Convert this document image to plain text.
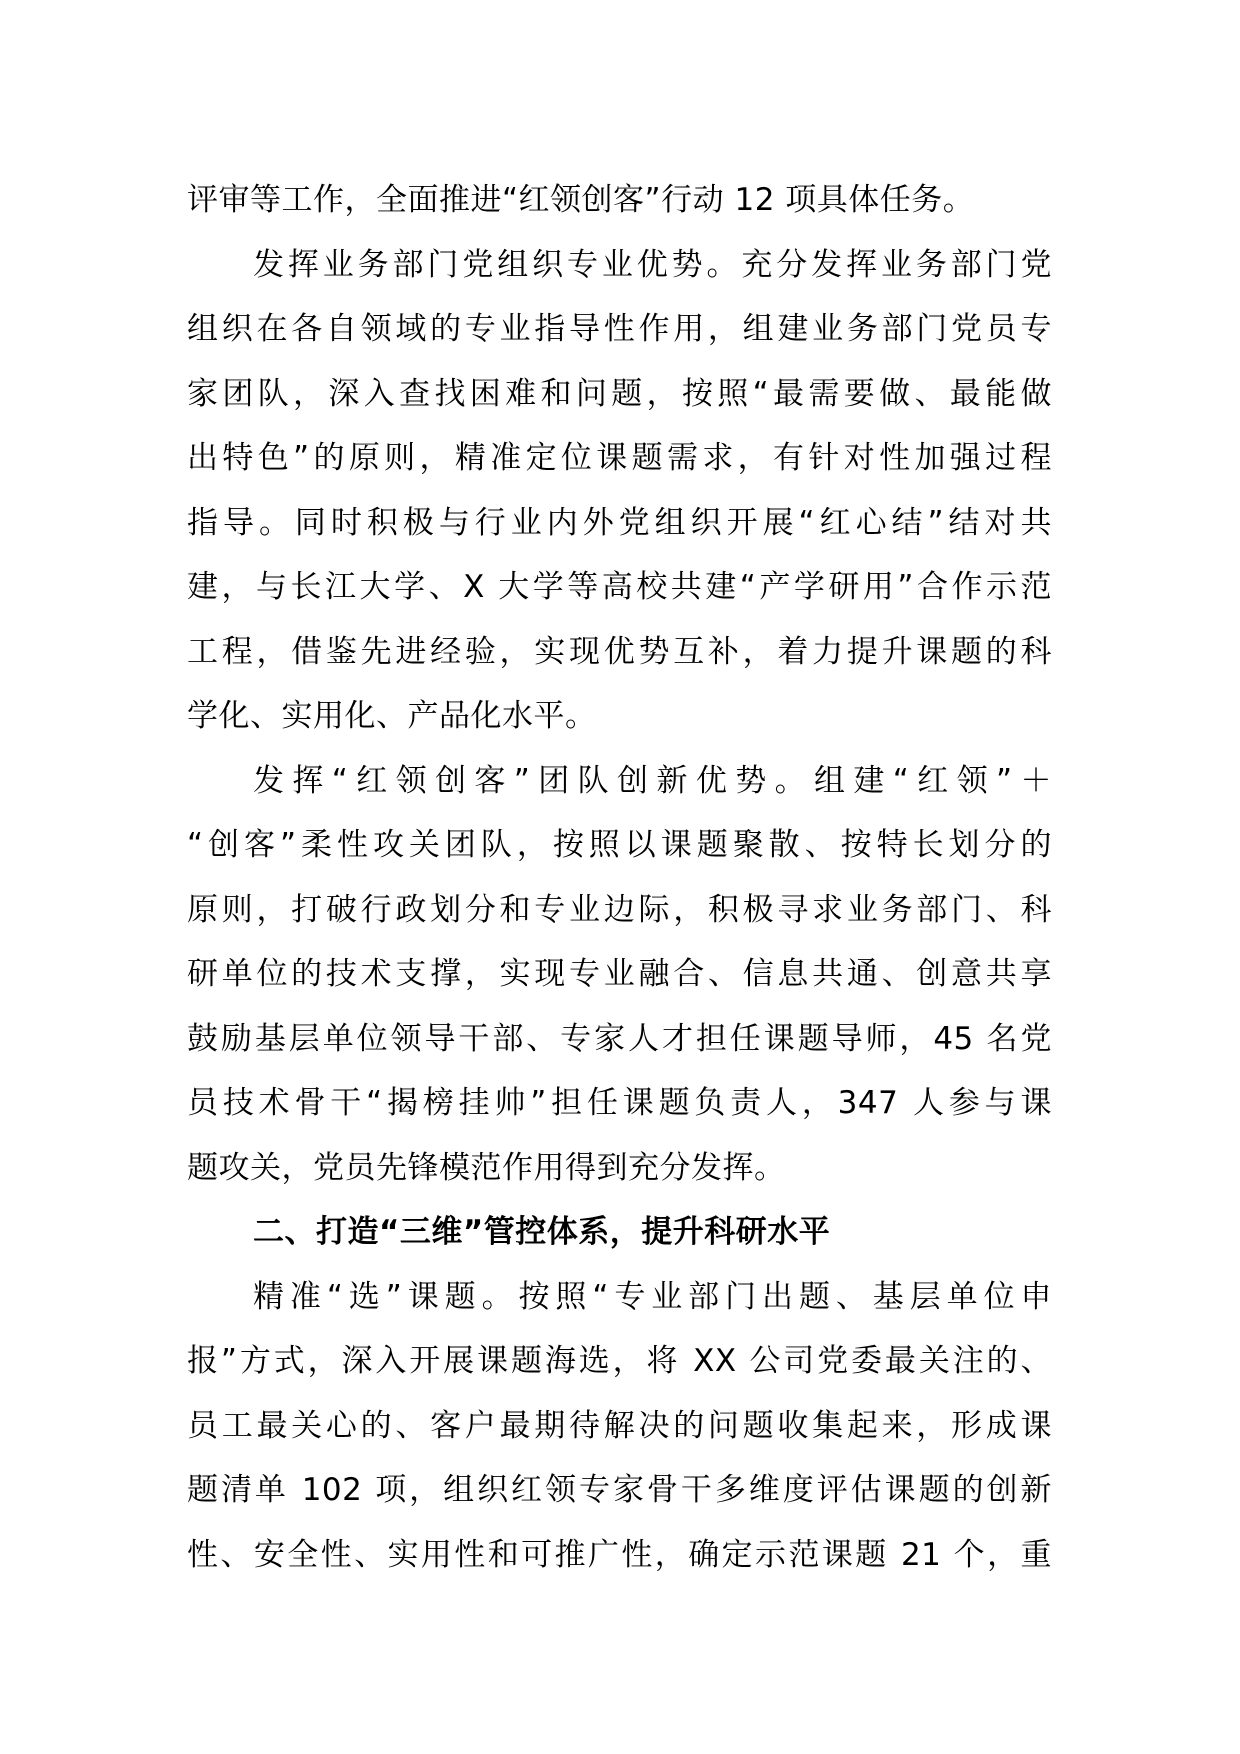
评审等工作，全面推进“红领创客”行动 12 项具体任务。
发挥业务部门党组织专业优势。充分发挥业务部门党
组织在各自领域的专业指导性作用，组建业务部门党员专
家团队，深入查找困难和问题，按照“最需要做、最能做
出特色”的原则，精准定位课题需求，有针对性加强过程
指导。同时积极与行业内外党组织开展“红心结”结对共
建，与长江大学、X 大学等高校共建“产学研用”合作示范
工程，借鉴先进经验，实现优势互补，着力提升课题的科
学化、实用化、产品化水平。
发挥“红领创客”团队创新优势。组建“红领”＋
“创客”柔性攻关团队，按照以课题聚散、按特长划分的
原则，打破行政划分和专业边际，积极寻求业务部门、科
研单位的技术支撑，实现专业融合、信息共通、创意共享
鼓励基层单位领导干部、专家人才担任课题导师，45 名党
员技术骨干“揭榜挂帅”担任课题负责人，347 人参与课
题攻关，党员先锋模范作用得到充分发挥。
二、打造“三维”管控体系，提升科研水平
精准“选”课题。按照“专业部门出题、基层单位申
报”方式，深入开展课题海选，将 XX 公司党委最关注的、
员工最关心的、客户最期待解决的问题收集起来，形成课
题清单 102 项，组织红领专家骨干多维度评估课题的创新
性、安全性、实用性和可推广性，确定示范课题 21 个，重
